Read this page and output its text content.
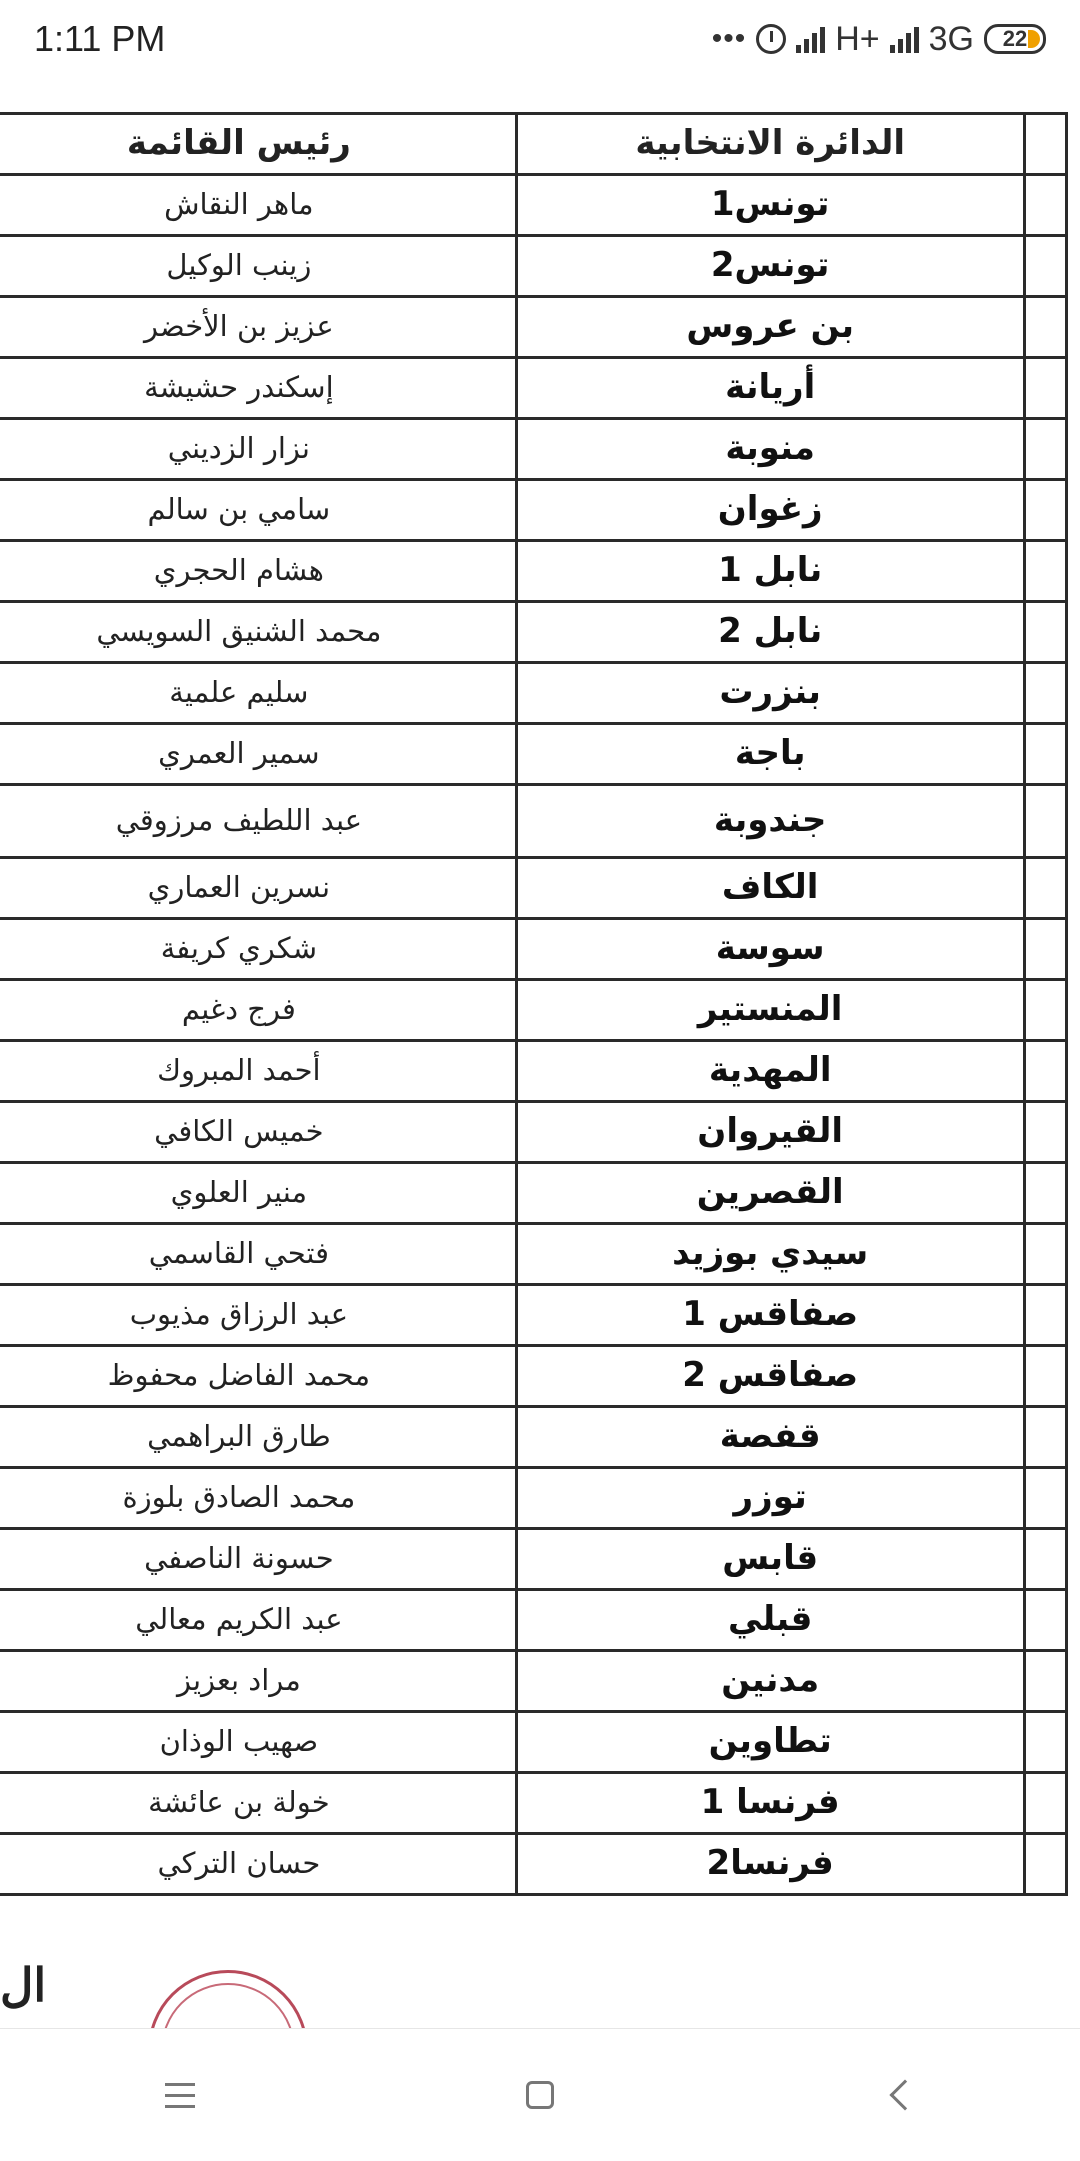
1:11 PM	•••	H+ 3G 22
	الدائرة الانتخابية	رئيس القائمة
	تونس1	ماهر النقاش
	تونس2	زينب الوكيل
	بن عروس	عزيز بن الأخضر
	أريانة	إسكندر حشيشة
	منوبة	نزار الزديني
	زغوان	سامي بن سالم
	نابل 1	هشام الحجري
	نابل 2	محمد الشنيق السويسي
	بنزرت	سليم علمية
	باجة	سمير العمري
	جندوبة	عبد اللطيف مرزوقي
	الكاف	نسرين العماري
	سوسة	شكري كريفة
	المنستير	فرج دغيم
	المهدية	أحمد المبروك
	القيروان	خميس الكافي
	القصرين	منير العلوي
	سيدي بوزيد	فتحي القاسمي
	صفاقس 1	عبد الرزاق مذيوب
	صفاقس 2	محمد الفاضل محفوظ
	قفصة	طارق البراهمي
	توزر	محمد الصادق بلوزة
	قابس	حسونة الناصفي
	قبلي	عبد الكريم معالي
	مدنين	مراد بعزيز
	تطاوين	صهيب الوذان
	فرنسا 1	خولة بن عائشة
	فرنسا2	حسان التركي
ال
